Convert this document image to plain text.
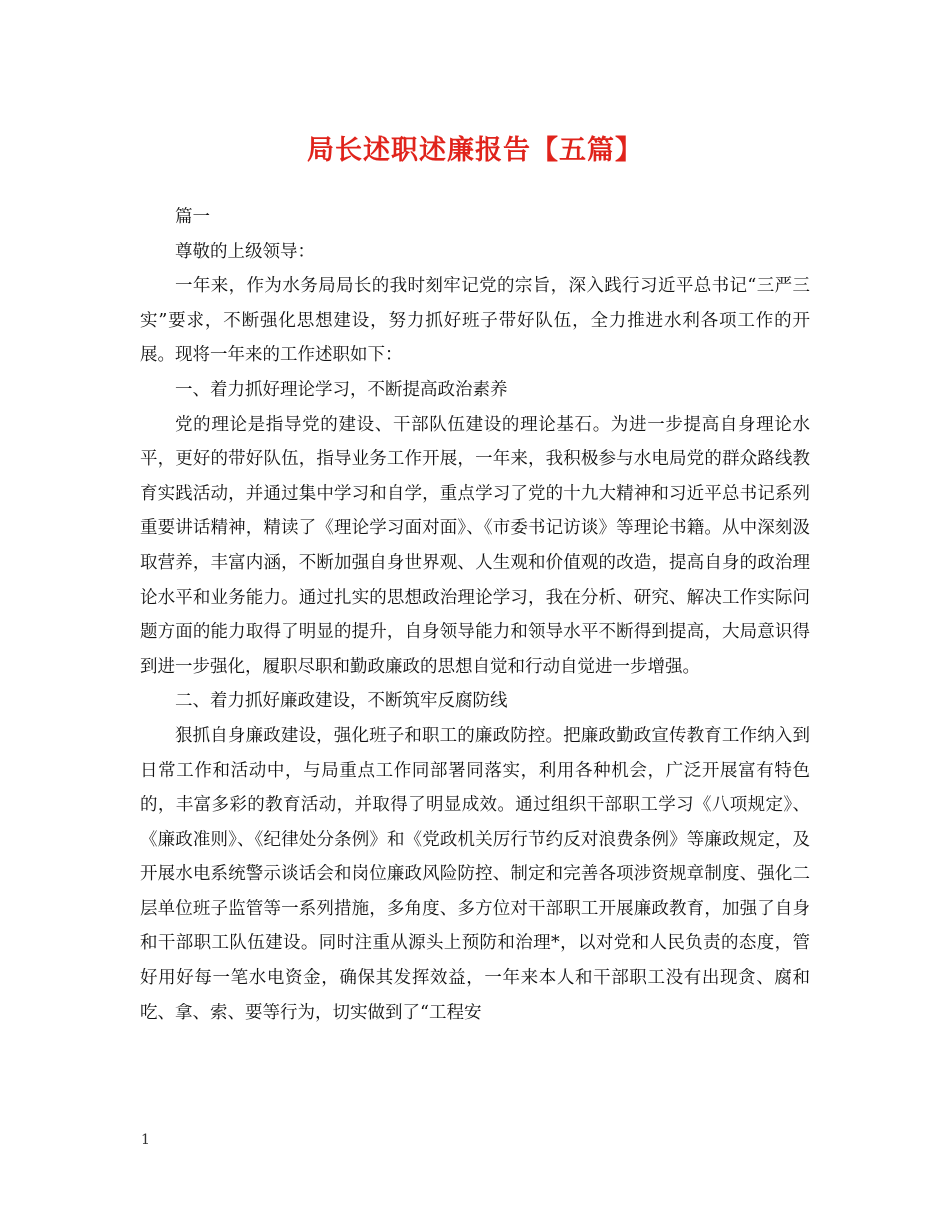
局长述职述廉报告【五篇】

篇一

尊敬的上级领导：

一年来，作为水务局局长的我时刻牢记党的宗旨，深入践行习近平总书记“三严三实”要求，不断强化思想建设，努力抓好班子带好队伍，全力推进水利各项工作的开展。现将一年来的工作述职如下：

一、着力抓好理论学习，不断提高政治素养

党的理论是指导党的建设、干部队伍建设的理论基石。为进一步提高自身理论水平，更好的带好队伍，指导业务工作开展，一年来，我积极参与水电局党的群众路线教育实践活动，并通过集中学习和自学，重点学习了党的十九大精神和习近平总书记系列重要讲话精神，精读了《理论学习面对面》、《市委书记访谈》等理论书籍。从中深刻汲取营养，丰富内涵，不断加强自身世界观、人生观和价值观的改造，提高自身的政治理论水平和业务能力。通过扎实的思想政治理论学习，我在分析、研究、解决工作实际问题方面的能力取得了明显的提升，自身领导能力和领导水平不断得到提高，大局意识得到进一步强化，履职尽职和勤政廉政的思想自觉和行动自觉进一步增强。

二、着力抓好廉政建设，不断筑牢反腐防线

狠抓自身廉政建设，强化班子和职工的廉政防控。把廉政勤政宣传教育工作纳入到日常工作和活动中，与局重点工作同部署同落实，利用各种机会，广泛开展富有特色的，丰富多彩的教育活动，并取得了明显成效。通过组织干部职工学习《八项规定》、《廉政准则》、《纪律处分条例》和《党政机关厉行节约反对浪费条例》等廉政规定，及开展水电系统警示谈话会和岗位廉政风险防控、制定和完善各项涉资规章制度、强化二层单位班子监管等一系列措施，多角度、多方位对干部职工开展廉政教育，加强了自身和干部职工队伍建设。同时注重从源头上预防和治理*，以对党和人民负责的态度，管好用好每一笔水电资金，确保其发挥效益，一年来本人和干部职工没有出现贪、腐和吃、拿、索、要等行为，切实做到了“工程安

1
